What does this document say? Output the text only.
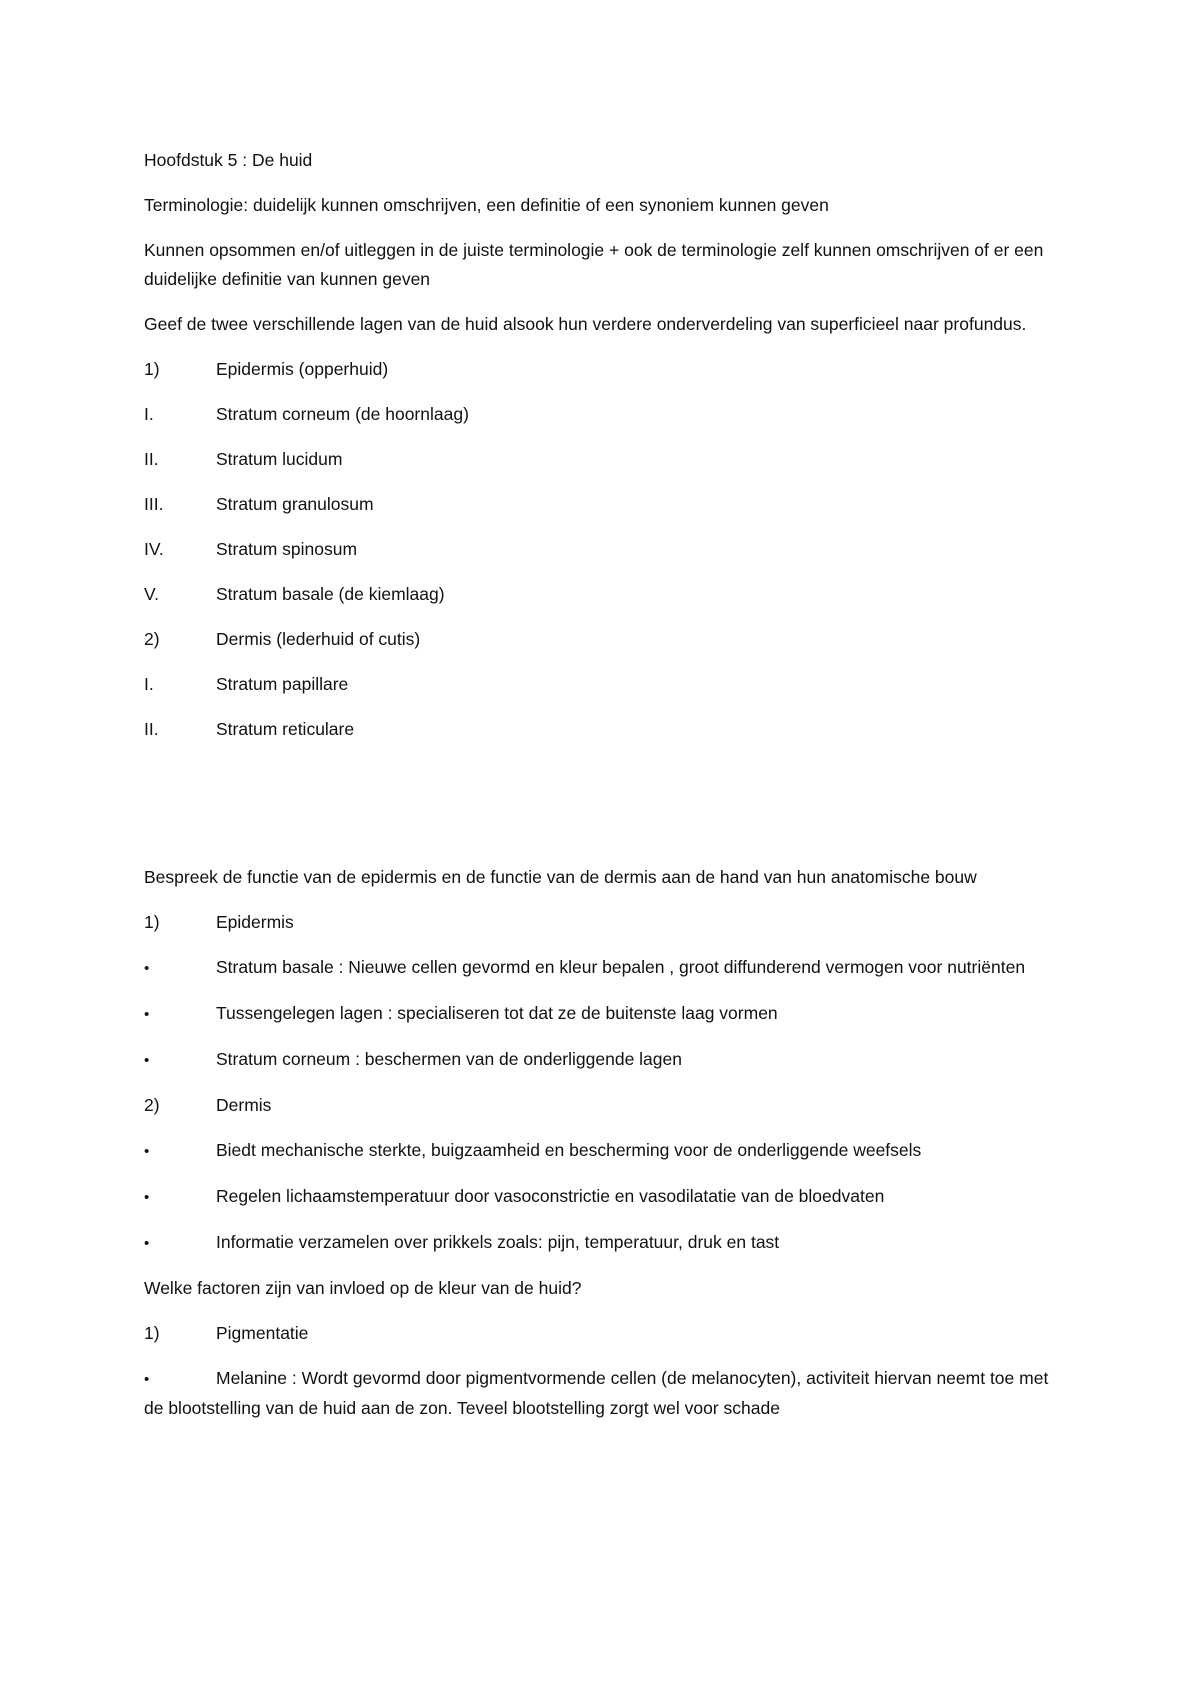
Hoofdstuk 5 : De huid

Terminologie: duidelijk kunnen omschrijven, een definitie of een synoniem kunnen geven

Kunnen opsommen en/of uitleggen in de juiste terminologie + ook de terminologie zelf kunnen omschrijven of er een duidelijke definitie van kunnen geven

Geef de twee verschillende lagen van de huid alsook hun verdere onderverdeling van superficieel naar profundus.

1)	Epidermis (opperhuid)
I.	Stratum corneum (de hoornlaag)
II.	Stratum lucidum
III.	Stratum granulosum
IV.	Stratum spinosum
V.	Stratum basale (de kiemlaag)
2)	Dermis (lederhuid of cutis)
I.	Stratum papillare
II.	Stratum reticulare

Bespreek de functie van de epidermis en de functie van de dermis aan de hand van hun anatomische bouw

1)	Epidermis
•	Stratum basale : Nieuwe cellen gevormd en kleur bepalen , groot diffunderend vermogen voor nutriënten
•	Tussengelegen lagen : specialiseren tot dat ze de buitenste laag vormen
•	Stratum corneum : beschermen van de onderliggende lagen
2)	Dermis
•	Biedt mechanische sterkte, buigzaamheid en bescherming voor de onderliggende weefsels
•	Regelen lichaamstemperatuur door vasoconstrictie en vasodilatatie van de bloedvaten
•	Informatie verzamelen over prikkels zoals: pijn, temperatuur, druk en tast

Welke factoren zijn van invloed op de kleur van de huid?

1)	Pigmentatie
•	Melanine : Wordt gevormd door pigmentvormende cellen (de melanocyten), activiteit hiervan neemt toe met de blootstelling van de huid aan de zon. Teveel blootstelling zorgt wel voor schade
